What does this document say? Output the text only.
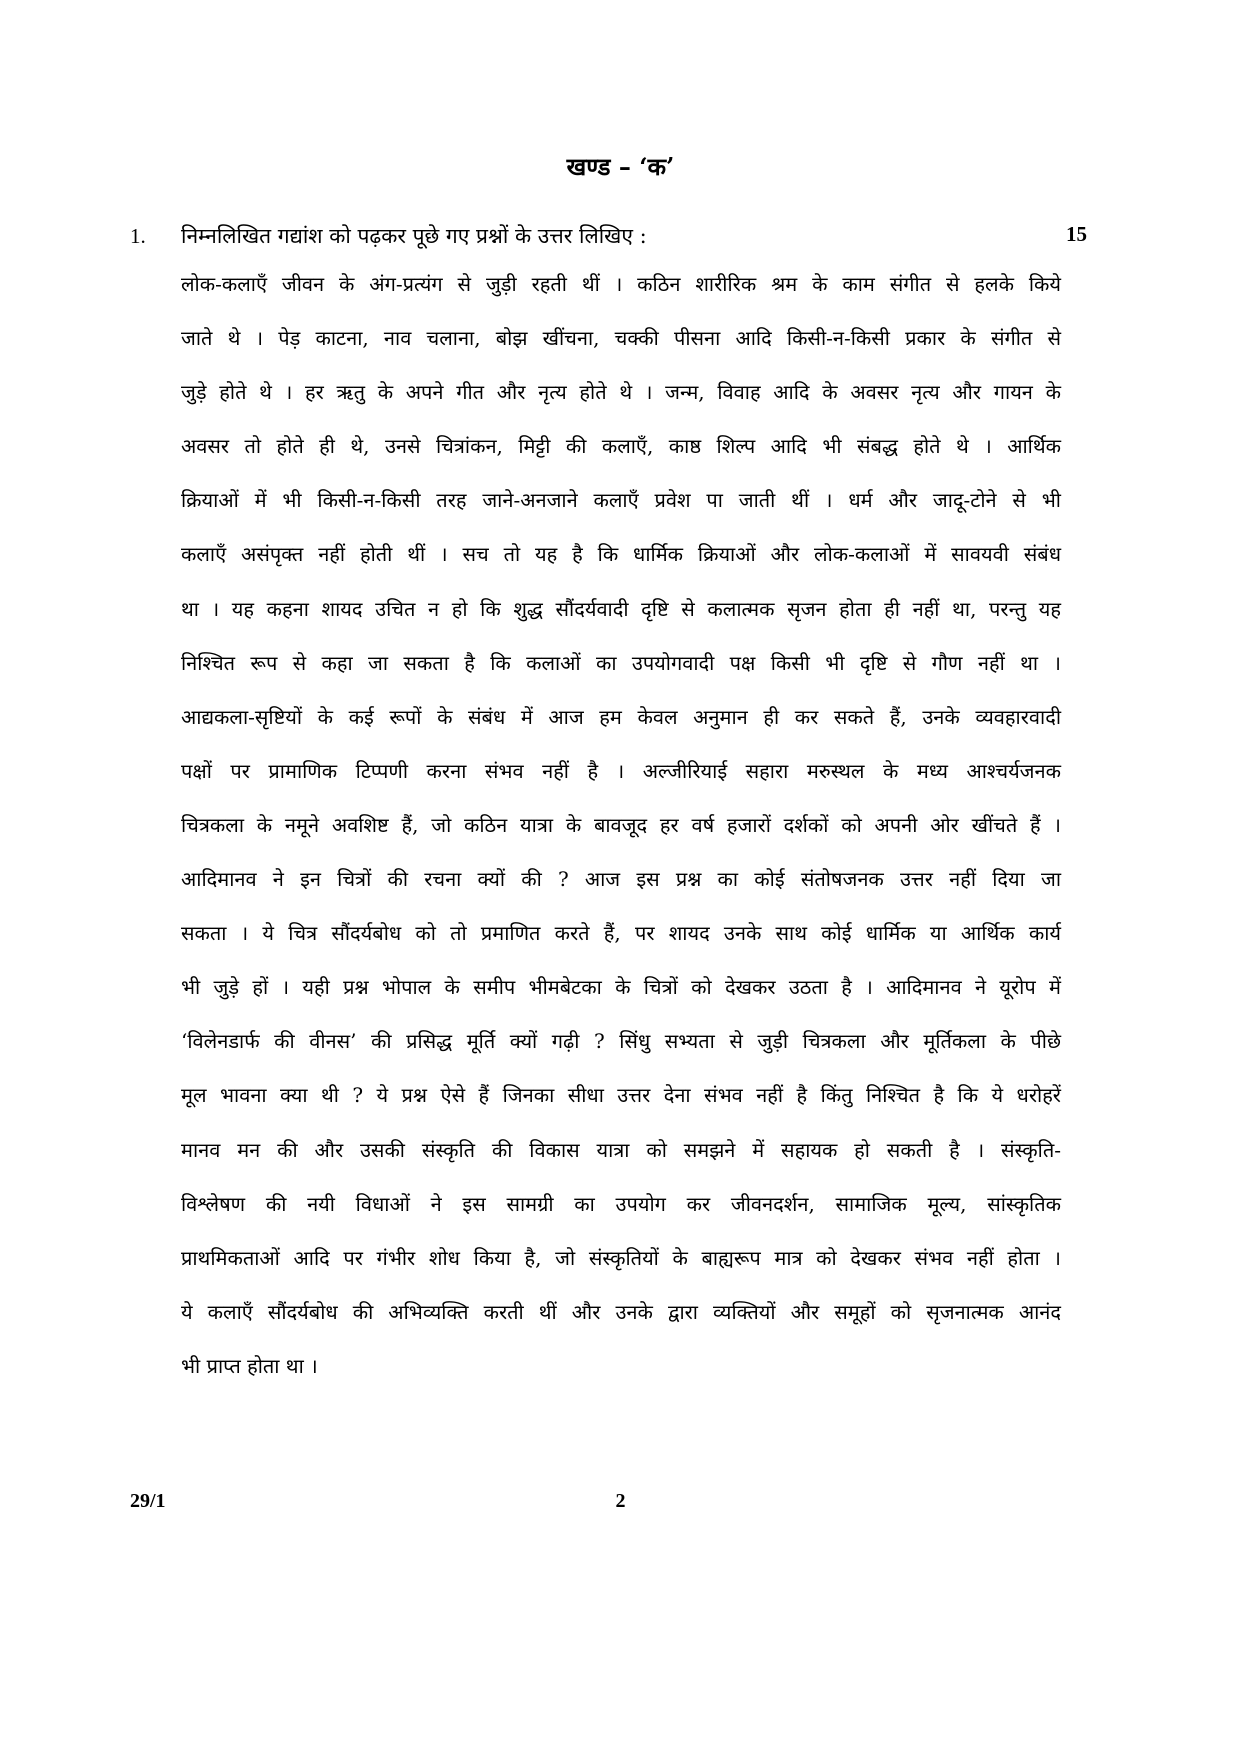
खण्ड – ‘क’
1. निम्नलिखित गद्यांश को पढ़कर पूछे गए प्रश्नों के उत्तर लिखिए :	15
लोक-कलाएँ जीवन के अंग-प्रत्यंग से जुड़ी रहती थीं । कठिन शारीरिक श्रम के काम संगीत से हलके किये
जाते थे । पेड़ काटना, नाव चलाना, बोझ खींचना, चक्की पीसना आदि किसी-न-किसी प्रकार के संगीत से
जुड़े होते थे । हर ऋतु के अपने गीत और नृत्य होते थे । जन्म, विवाह आदि के अवसर नृत्य और गायन के
अवसर तो होते ही थे, उनसे चित्रांकन, मिट्टी की कलाएँ, काष्ठ शिल्प आदि भी संबद्ध होते थे । आर्थिक
क्रियाओं में भी किसी-न-किसी तरह जाने-अनजाने कलाएँ प्रवेश पा जाती थीं । धर्म और जादू-टोने से भी
कलाएँ असंपृक्त नहीं होती थीं । सच तो यह है कि धार्मिक क्रियाओं और लोक-कलाओं में सावयवी संबंध
था । यह कहना शायद उचित न हो कि शुद्ध सौंदर्यवादी दृष्टि से कलात्मक सृजन होता ही नहीं था, परन्तु यह
निश्चित रूप से कहा जा सकता है कि कलाओं का उपयोगवादी पक्ष किसी भी दृष्टि से गौण नहीं था ।
आद्यकला-सृष्टियों के कई रूपों के संबंध में आज हम केवल अनुमान ही कर सकते हैं, उनके व्यवहारवादी
पक्षों पर प्रामाणिक टिप्पणी करना संभव नहीं है । अल्जीरियाई सहारा मरुस्थल के मध्य आश्चर्यजनक
चित्रकला के नमूने अवशिष्ट हैं, जो कठिन यात्रा के बावजूद हर वर्ष हजारों दर्शकों को अपनी ओर खींचते हैं ।
आदिमानव ने इन चित्रों की रचना क्यों की ? आज इस प्रश्न का कोई संतोषजनक उत्तर नहीं दिया जा
सकता । ये चित्र सौंदर्यबोध को तो प्रमाणित करते हैं, पर शायद उनके साथ कोई धार्मिक या आर्थिक कार्य
भी जुड़े हों । यही प्रश्न भोपाल के समीप भीमबेटका के चित्रों को देखकर उठता है । आदिमानव ने यूरोप में
‘विलेनडार्फ की वीनस’ की प्रसिद्ध मूर्ति क्यों गढ़ी ? सिंधु सभ्यता से जुड़ी चित्रकला और मूर्तिकला के पीछे
मूल भावना क्या थी ? ये प्रश्न ऐसे हैं जिनका सीधा उत्तर देना संभव नहीं है किंतु निश्चित है कि ये धरोहरें
मानव मन की और उसकी संस्कृति की विकास यात्रा को समझने में सहायक हो सकती है । संस्कृति-
विश्लेषण की नयी विधाओं ने इस सामग्री का उपयोग कर जीवनदर्शन, सामाजिक मूल्य, सांस्कृतिक
प्राथमिकताओं आदि पर गंभीर शोध किया है, जो संस्कृतियों के बाह्यरूप मात्र को देखकर संभव नहीं होता ।
ये कलाएँ सौंदर्यबोध की अभिव्यक्ति करती थीं और उनके द्वारा व्यक्तियों और समूहों को सृजनात्मक आनंद
भी प्राप्त होता था ।
29/1	2
